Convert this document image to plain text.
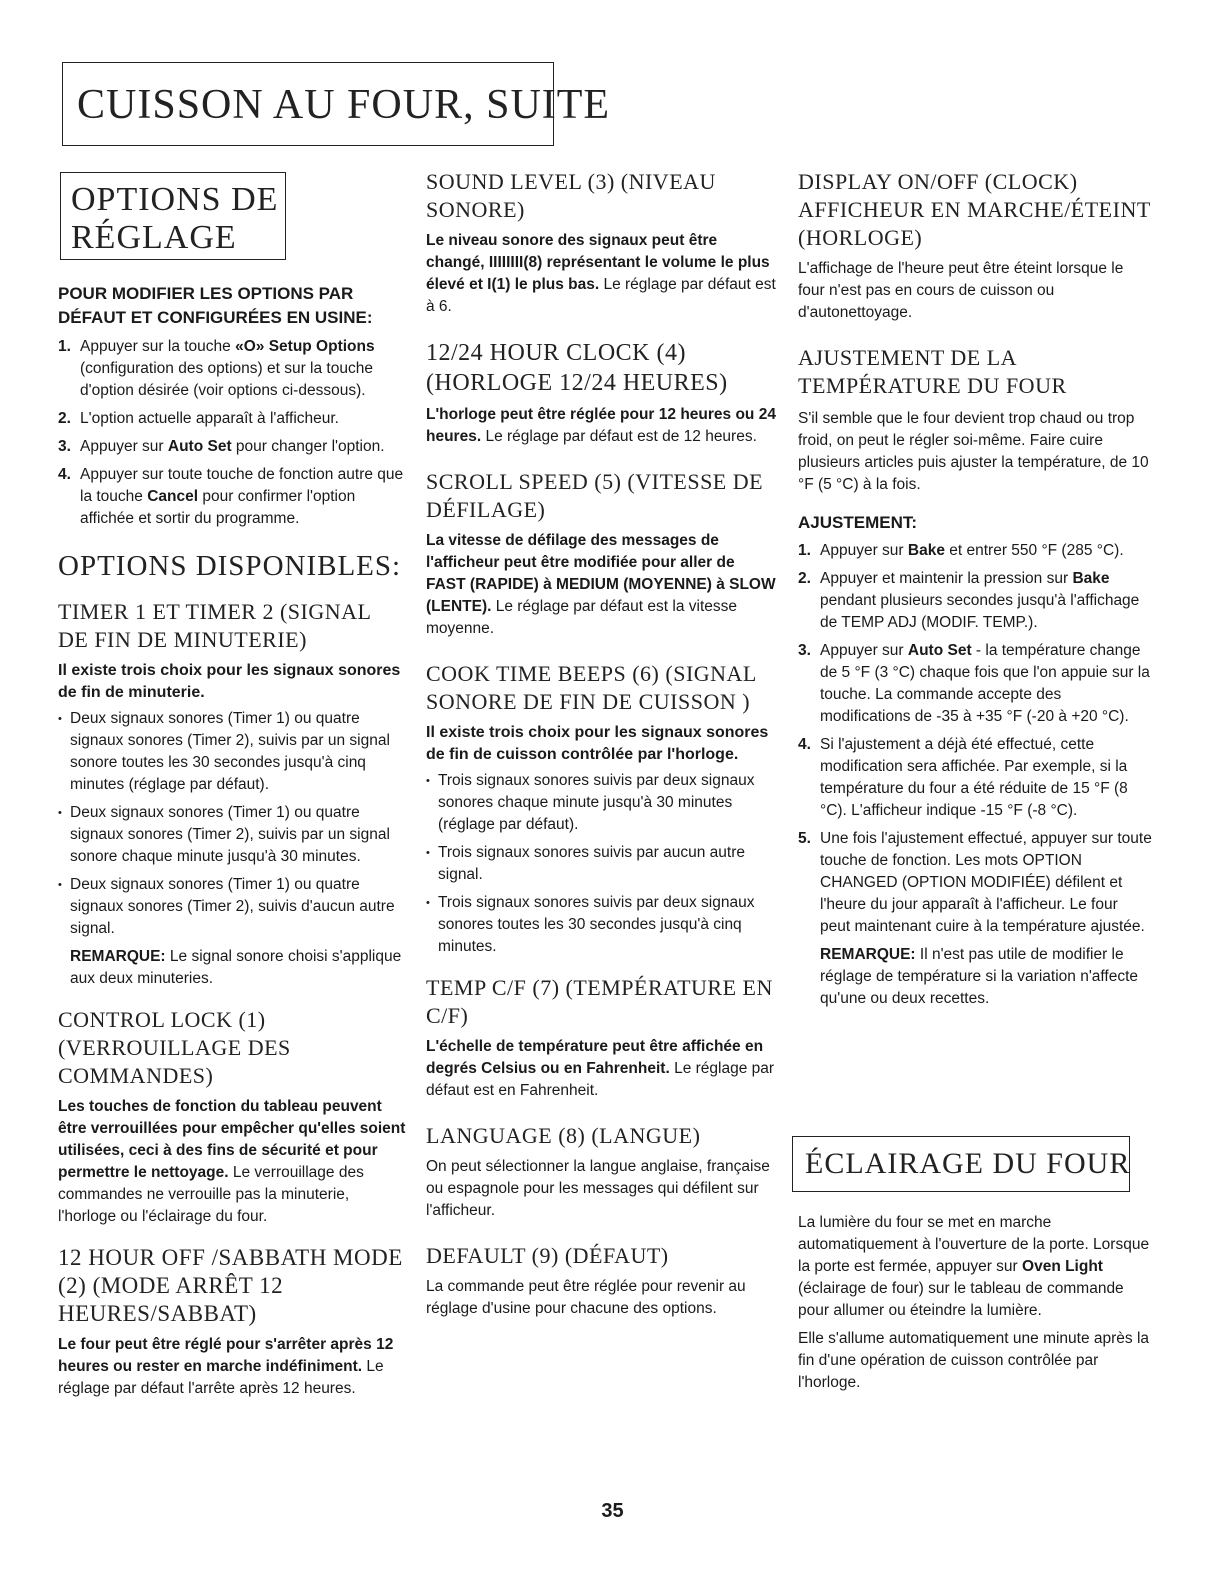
CUISSON AU FOUR, SUITE
OPTIONS DE
RÉGLAGE
POUR MODIFIER LES OPTIONS PAR DÉFAUT ET CONFIGURÉES EN USINE:
1. Appuyer sur la touche «O» Setup Options (configuration des options) et sur la touche d'option désirée (voir options ci-dessous).
2. L'option actuelle apparaît à l'afficheur.
3. Appuyer sur Auto Set pour changer l'option.
4. Appuyer sur toute touche de fonction autre que la touche Cancel pour confirmer l'option affichée et sortir du programme.
OPTIONS DISPONIBLES:
TIMER 1 ET TIMER 2 (SIGNAL DE FIN DE MINUTERIE)
Il existe trois choix pour les signaux sonores de fin de minuterie.
• Deux signaux sonores (Timer 1) ou quatre signaux sonores (Timer 2), suivis par un signal sonore toutes les 30 secondes jusqu'à cinq minutes (réglage par défaut).
• Deux signaux sonores (Timer 1) ou quatre signaux sonores (Timer 2), suivis par un signal sonore chaque minute jusqu'à 30 minutes.
• Deux signaux sonores (Timer 1) ou quatre signaux sonores (Timer 2), suivis d'aucun autre signal.
REMARQUE: Le signal sonore choisi s'applique aux deux minuteries.
CONTROL LOCK (1) (VERROUILLAGE DES COMMANDES)
Les touches de fonction du tableau peuvent être verrouillées pour empêcher qu'elles soient utilisées, ceci à des fins de sécurité et pour permettre le nettoyage. Le verrouillage des commandes ne verrouille pas la minuterie, l'horloge ou l'éclairage du four.
12 HOUR OFF /SABBATH MODE (2) (MODE ARRÊT 12 HEURES/SABBAT)
Le four peut être réglé pour s'arrêter après 12 heures ou rester en marche indéfiniment. Le réglage par défaut l'arrête après 12 heures.
SOUND LEVEL (3) (NIVEAU SONORE)
Le niveau sonore des signaux peut être changé, IIIIIIII(8) représentant le volume le plus élevé et I(1) le plus bas. Le réglage par défaut est à 6.
12/24 HOUR CLOCK (4) (HORLOGE 12/24 HEURES)
L'horloge peut être réglée pour 12 heures ou 24 heures. Le réglage par défaut est de 12 heures.
SCROLL SPEED (5) (VITESSE DE DÉFILAGE)
La vitesse de défilage des messages de l'afficheur peut être modifiée pour aller de FAST (RAPIDE) à MEDIUM (MOYENNE) à SLOW (LENTE). Le réglage par défaut est la vitesse moyenne.
COOK TIME BEEPS (6) (SIGNAL SONORE DE FIN DE CUISSON )
Il existe trois choix pour les signaux sonores de fin de cuisson contrôlée par l'horloge.
• Trois signaux sonores suivis par deux signaux sonores chaque minute jusqu'à 30 minutes (réglage par défaut).
• Trois signaux sonores suivis par aucun autre signal.
• Trois signaux sonores suivis par deux signaux sonores toutes les 30 secondes jusqu'à cinq minutes.
TEMP C/F (7) (TEMPÉRATURE EN C/F)
L'échelle de température peut être affichée en degrés Celsius ou en Fahrenheit. Le réglage par défaut est en Fahrenheit.
LANGUAGE (8) (LANGUE)
On peut sélectionner la langue anglaise, française ou espagnole pour les messages qui défilent sur l'afficheur.
DEFAULT (9) (DÉFAUT)
La commande peut être réglée pour revenir au réglage d'usine pour chacune des options.
DISPLAY ON/OFF (CLOCK) AFFICHEUR EN MARCHE/ÉTEINT (HORLOGE)
L'affichage de l'heure peut être éteint lorsque le four n'est pas en cours de cuisson ou d'autonettoyage.
AJUSTEMENT DE LA TEMPÉRATURE DU FOUR
S'il semble que le four devient trop chaud ou trop froid, on peut le régler soi-même. Faire cuire plusieurs articles puis ajuster la température, de 10 °F (5 °C) à la fois.
AJUSTEMENT:
1. Appuyer sur Bake et entrer 550 °F (285 °C).
2. Appuyer et maintenir la pression sur Bake pendant plusieurs secondes jusqu'à l'affichage de TEMP ADJ (MODIF. TEMP.).
3. Appuyer sur Auto Set - la température change de 5 °F (3 °C) chaque fois que l'on appuie sur la touche. La commande accepte des modifications de -35 à +35 °F (-20 à +20 °C).
4. Si l'ajustement a déjà été effectué, cette modification sera affichée. Par exemple, si la température du four a été réduite de 15 °F (8 °C). L'afficheur indique -15 °F (-8 °C).
5. Une fois l'ajustement effectué, appuyer sur toute touche de fonction. Les mots OPTION CHANGED (OPTION MODIFIÉE) défilent et l'heure du jour apparaît à l'afficheur. Le four peut maintenant cuire à la température ajustée.
REMARQUE: Il n'est pas utile de modifier le réglage de température si la variation n'affecte qu'une ou deux recettes.
ÉCLAIRAGE DU FOUR
La lumière du four se met en marche automatiquement à l'ouverture de la porte. Lorsque la porte est fermée, appuyer sur Oven Light (éclairage de four) sur le tableau de commande pour allumer ou éteindre la lumière.
Elle s'allume automatiquement une minute après la fin d'une opération de cuisson contrôlée par l'horloge.
35
